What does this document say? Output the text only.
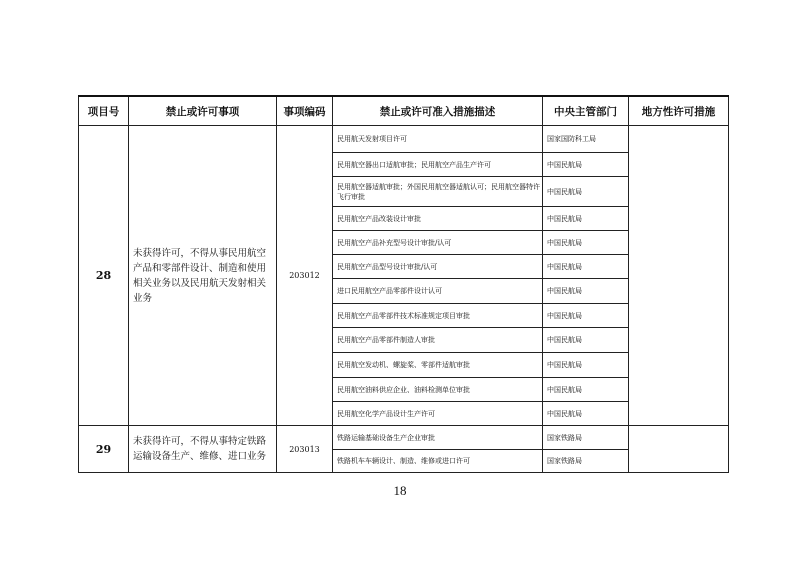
项目号	禁止或许可事项	事项编码	禁止或许可准入措施描述	中央主管部门	地方性许可措施
28	未获得许可，不得从事民用航空产品和零部件设计、制造和使用相关业务以及民用航天发射相关业务	203012	民用航天发射项目许可	国家国防科工局	
			民用航空器出口适航审批；民用航空产品生产许可	中国民航局	
			民用航空器适航审批；外国民用航空器适航认可；民用航空器特许飞行审批	中国民航局	
			民用航空产品改装设计审批	中国民航局	
			民用航空产品补充型号设计审批/认可	中国民航局	
			民用航空产品型号设计审批/认可	中国民航局	
			进口民用航空产品零部件设计认可	中国民航局	
			民用航空产品零部件技术标准规定项目审批	中国民航局	
			民用航空产品零部件制造人审批	中国民航局	
			民用航空发动机、螺旋桨、零部件适航审批	中国民航局	
			民用航空油料供应企业、油料检测单位审批	中国民航局	
			民用航空化学产品设计生产许可	中国民航局	
29	未获得许可，不得从事特定铁路运输设备生产、维修、进口业务	203013	铁路运输基础设备生产企业审批	国家铁路局	
			铁路机车车辆设计、制造、维修或进口许可	国家铁路局	
18
